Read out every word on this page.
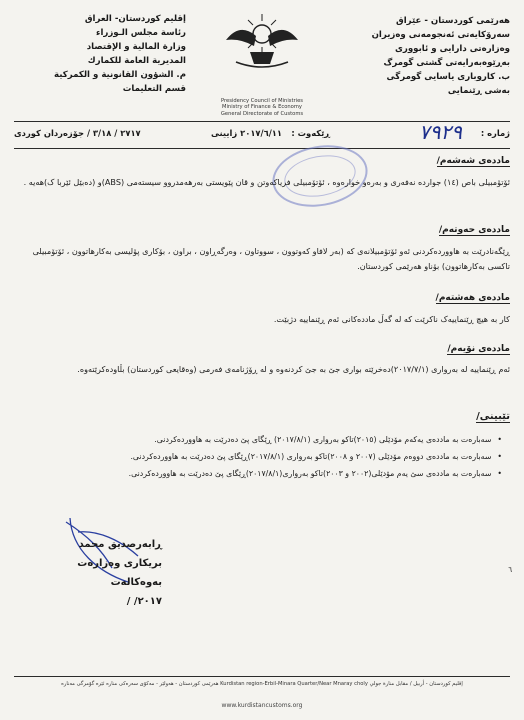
هەرێمی کوردستان - عێراق
سەرۆکایەتی ئەنجومەنی وەزیران
وەزارەتی دارایی و ئابووری
بەڕێوەبەرایەتی گشتی گومرگ
ب. کاروباری یاسایی گومرگی
بەشی ڕێنمایی
إقليم كوردستان- العراق
رئاسة مجلس الـوزراء
وزارة المالية و الإقتصاد
المديرية العامة للكمارك
م. الشؤون القانونية و الكمركية
قسم التعليمات
Presidency Council of Ministries
Ministry of Finance & Economy
General Directorate of Customs
ژمارە :
٧٩٢٩
ڕێکەوت :
٢٠١٧/٦/١١ زایینی
٢٧١٧ / ٣/١٨ / جۆزەردان کوردی
ماددەی شەشەم/
ئۆتۆمبیلی باص (١٤) جواردە نەفەری و بەرەو خوارەوە ، ئۆتۆمبیلی فریاکەوتن و قان پێویستی بەرهەمدروو سیستەمی (ABS)و (دەبێل ئێربا ک)هەیە .
ماددەی حەوتەم/
ڕێگەنادرێت بە هاووردەکردنی ئەو ئۆتۆمبیلانەی کە (بەر لافاو کەوتوون ، سووتاون ، وەرگەڕاون ، براون ، بۆکاری پۆلیسی بەکارهاتوون ، ئۆتۆمبیلی تاکسی بەکارهاتوون) بۆناو هەرێمی کوردستان.
ماددەی هەشتەم/
کار بە هیچ ڕێنماییەک ناکرێت کە لە گەڵ ماددەکانی ئەم ڕێنماییە دژبێت.
ماددەی نۆیەم/
ئەم ڕێنماییە لە بەرواری (٢٠١٧/٧/١)دەخرێتە بواری جێ بە جێ کردنەوە و لە ڕۆژنامەی فەرمی (وەقایعی کوردستان) بڵاودەکرێتەوە.
تێبینی/
• سەبارەت بە ماددەی یەکەم مۆدێلی (٢٠١٥)تاکو بەرواری (٢٠١٧/٨/١) ڕێگای پێ دەدرێت بە هاووردەکردنی.
• سەبارەت بە ماددەی دووەم مۆدێلی (٢٠٠٧ و ٢٠٠٨)تاکو بەرواری (٢٠١٧/٨/١)ڕێگای پێ دەدرێت بە هاووردەکردنی.
• سەبارەت بە ماددەی سێ یەم مۆدێلی(٢٠٠٢ و ٢٠٠٣)تاکو بەرواری(٢٠١٧/٨/١)ڕێگای پێ دەدرێت بە هاووردەکردنی.
ڕابەرصدیق محمد
بریکاری وەزارەت
بەوەکالەت
٢٠١٧/ /
٦
هەرێمی کوردستان - هەولێر - مەکۆی سەرەکی منارە ئێرە گۆمرگی مەنارە Kurdistan region-Erbil-Minara Quarter/Near Mnaray choly إقليم كوردستان - أربيل / مقابل منارة جولي
www.kurdistancustoms.org
